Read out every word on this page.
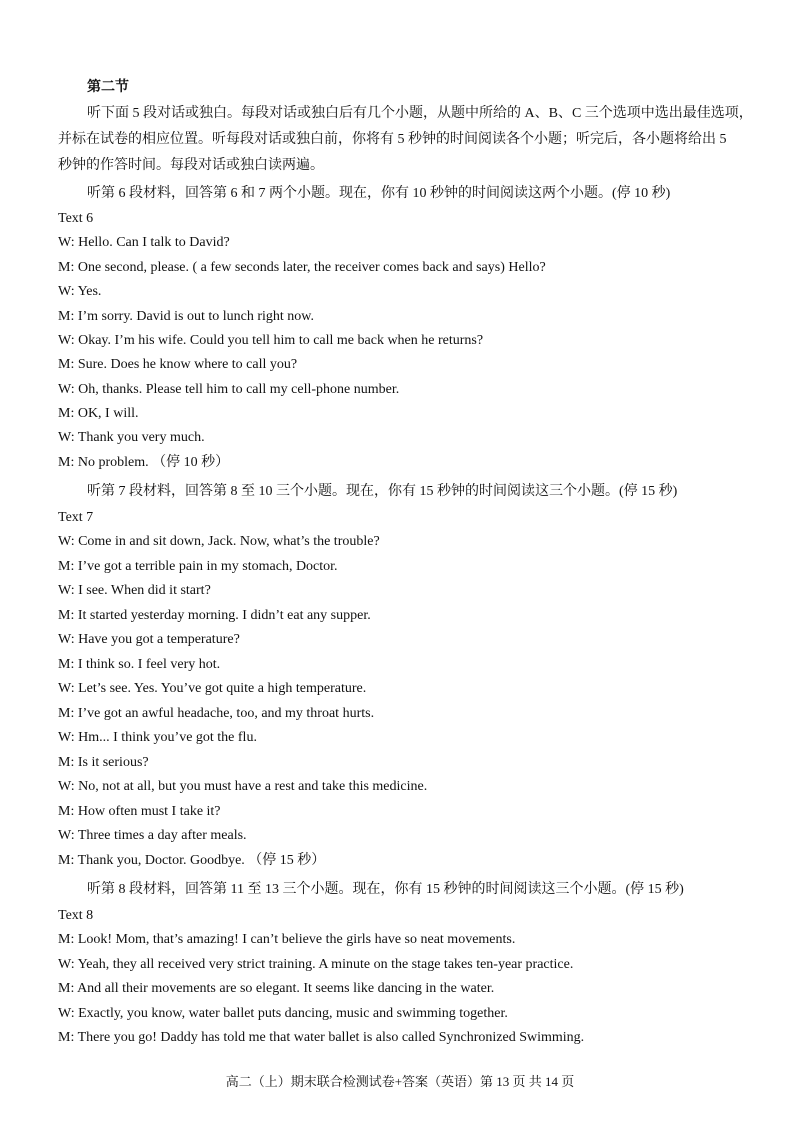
第二节
听下面 5 段对话或独白。每段对话或独白后有几个小题，从题中所给的 A、B、C 三个选项中选出最佳选项，
并标在试卷的相应位置。听每段对话或独白前，你将有 5 秒钟的时间阅读各个小题；听完后，各小题将给出 5
秒钟的作答时间。每段对话或独白读两遍。
听第 6 段材料，回答第 6 和 7 两个小题。现在，你有 10 秒钟的时间阅读这两个小题。(停 10 秒)
Text 6
W: Hello. Can I talk to David?
M: One second, please. ( a few seconds later, the receiver comes back and says) Hello?
W: Yes.
M: I’m sorry. David is out to lunch right now.
W: Okay. I’m his wife. Could you tell him to call me back when he returns?
M: Sure. Does he know where to call you?
W: Oh, thanks. Please tell him to call my cell-phone number.
M: OK, I will.
W: Thank you very much.
M: No problem. （停 10 秒）
听第 7 段材料，回答第 8 至 10 三个小题。现在，你有 15 秒钟的时间阅读这三个小题。(停 15 秒)
Text 7
W: Come in and sit down, Jack. Now, what’s the trouble?
M: I’ve got a terrible pain in my stomach, Doctor.
W: I see. When did it start?
M: It started yesterday morning. I didn’t eat any supper.
W: Have you got a temperature?
M: I think so. I feel very hot.
W: Let’s see. Yes. You’ve got quite a high temperature.
M: I’ve got an awful headache, too, and my throat hurts.
W: Hm... I think you’ve got the flu.
M: Is it serious?
W: No, not at all, but you must have a rest and take this medicine.
M: How often must I take it?
W: Three times a day after meals.
M: Thank you, Doctor. Goodbye. （停 15 秒）
听第 8 段材料，回答第 11 至 13 三个小题。现在，你有 15 秒钟的时间阅读这三个小题。(停 15 秒)
Text 8
M: Look! Mom, that’s amazing! I can’t believe the girls have so neat movements.
W: Yeah, they all received very strict training. A minute on the stage takes ten-year practice.
M: And all their movements are so elegant. It seems like dancing in the water.
W: Exactly, you know, water ballet puts dancing, music and swimming together.
M: There you go! Daddy has told me that water ballet is also called Synchronized Swimming.
高二（上）期末联合检测试卷+答案（英语）第 13 页 共 14 页
